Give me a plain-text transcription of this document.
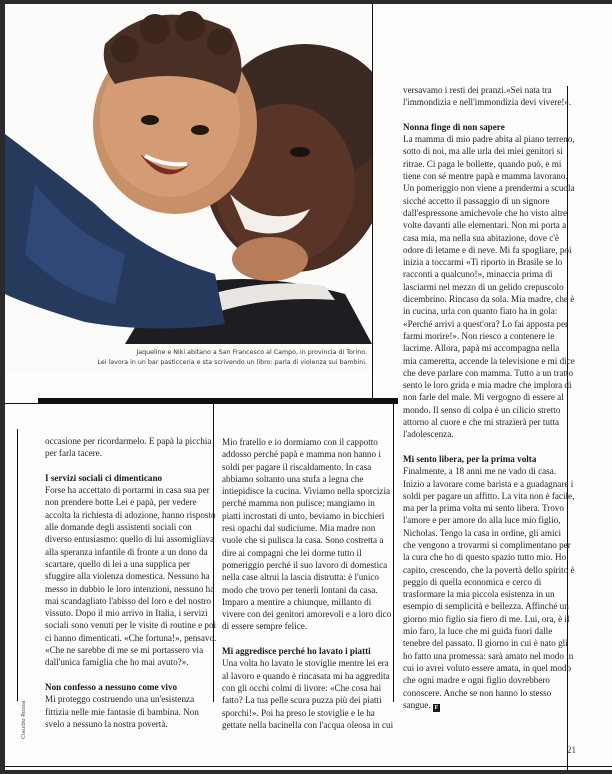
Jaqueline e Niki abitano a San Francesco al Campo, in provincia di Torino.
Lei lavora in un bar pasticceria e sta scrivendo un libro: parla di violenza sui bambini.

occasione per ricordarmelo. E papà la picchia per farla tacere.

I servizi sociali ci dimenticano

Forse ha accettato di portarmi in casa sua per non prendere botte Lei e papà, per vedere accolta la richiesta di adozione, hanno risposto alle domande degli assistenti sociali con diverso entusiasmo: quello di lui assomigliava alla speranza infantile di fronte a un dono da scartare, quello di lei a una supplica per sfuggire alla violenza domestica. Nessuno ha messo in dubbio le loro intenzioni, nessuno ha mai scandagliato l'abisso del loro e del nostro vissuto. Dopo il mio arrivo in Italia, i servizi sociali sono venuti per le visite di routine e poi ci hanno dimenticati. «Che fortuna!», pensavo. «Che ne sarebbe di me se mi portassero via dall'unica famiglia che ho mai avuto?».

Non confesso a nessuno come vivo

Mi proteggo costruendo una un'esistenza fittizia nelle mie fantasie di bambina. Non svelo a nessuno la nostra povertà.

Mio fratello e io dormiamo con il cappotto addosso perché papà e mamma non hanno i soldi per pagare il riscaldamento. In casa abbiamo soltanto una stufa a legna che intiepidisce la cucina. Viviamo nella sporcizia perché mamma non pulisce; mangiamo in piatti incrostati di unto, beviamo in bicchieri resi opachi dal sudiciume. Mia madre non vuole che si pulisca la casa. Sono costretta a dire ai compagni che lei dorme tutto il pomeriggio perché il suo lavoro di domestica nella case altrui la lascia distrutta: è l'unico modo che trovo per tenerli lontani da casa. Imparo a mentire a chiunque, millanto di vivere con dei genitori amorevoli e a loro dico di essere sempre felice.

Mi aggredisce perché ho lavato i piatti

Una volta ho lavato le stoviglie mentre lei era al lavoro e quando è rincasata mi ha aggredita con gli occhi colmi di livore: «Che cosa hai fatto? La tua pelle scura puzza più dei piatti sporchi!». Poi ha preso le stoviglie e le ha gettate nella bacinella con l'acqua oleosa in cui

versavamo i resti dei pranzi.«Sei nata tra l'immondizia e nell'immondizia devi vivere!».

Nonna finge di non sapere

La mamma di mio padre abita al piano terreno, sotto di noi, ma alle urla dei miei genitori si ritrae. Ci paga le bollette, quando può, e mi tiene con sé mentre papà e mamma lavorano. Un pomeriggio non viene a prendermi a scuola sicché accetto il passaggio di un signore dall'espressone amichevole che ho visto altre volte davanti alle elementari. Non mi porta a casa mia, ma nella sua abitazione, dove c'è odore di letame e di neve. Mi fa spogliare, poi inizia a toccarmi «Ti riporto in Brasile se lo racconti a qualcuno!», minaccia prima di lasciarmi nel mezzo di un gelido crepuscolo dicembrino. Rincaso da sola. Mia madre, che è in cucina, urla con quanto fiato ha in gola: «Perché arrivi a quest'ora? Lo fai apposta per farmi morire!». Non riesco a contenere le lacrime. Allora, papà mi accompagna nella mia cameretta, accende la televisione e mi dice che deve parlare con mamma. Tutto a un tratto sento le loro grida e mia madre che implora di non farle del male. Mi vergogno di essere al mondo. Il senso di colpa è un cilicio stretto attorno al cuore e che mi strazierà per tutta l'adolescenza.

Mi sento libera, per la prima volta

Finalmente, a 18 anni me ne vado di casa. Inizio a lavorare come barista e a guadagnare i soldi per pagare un affitto. La vita non è facile, ma per la prima volta mi sento libera. Trovo l'amore e per amore do alla luce mio figlio, Nicholas. Tengo la casa in ordine, gli amici che vengono a trovarmi si complimentano per la cura che ho di questo spazio tutto mio. Ho capito, crescendo, che la povertà dello spirito è peggio di quella economica e cerco di trasformare la mia piccola esistenza in un esempio di semplicità e bellezza. Affinché un giorno mio figlio sia fiero di me. Lui, ora, è il mio faro, la luce che mi guida fuori dalle tenebre del passato. Il giorno in cui è nato gli ho fatto una promessa: sarà amato nel modo in cui io avrei voluto essere amata, in quel modo che ogni madre e ogni figlio dovrebbero conoscere. Anche se non hanno lo stesso sangue. F

Claudio Rossa
21
